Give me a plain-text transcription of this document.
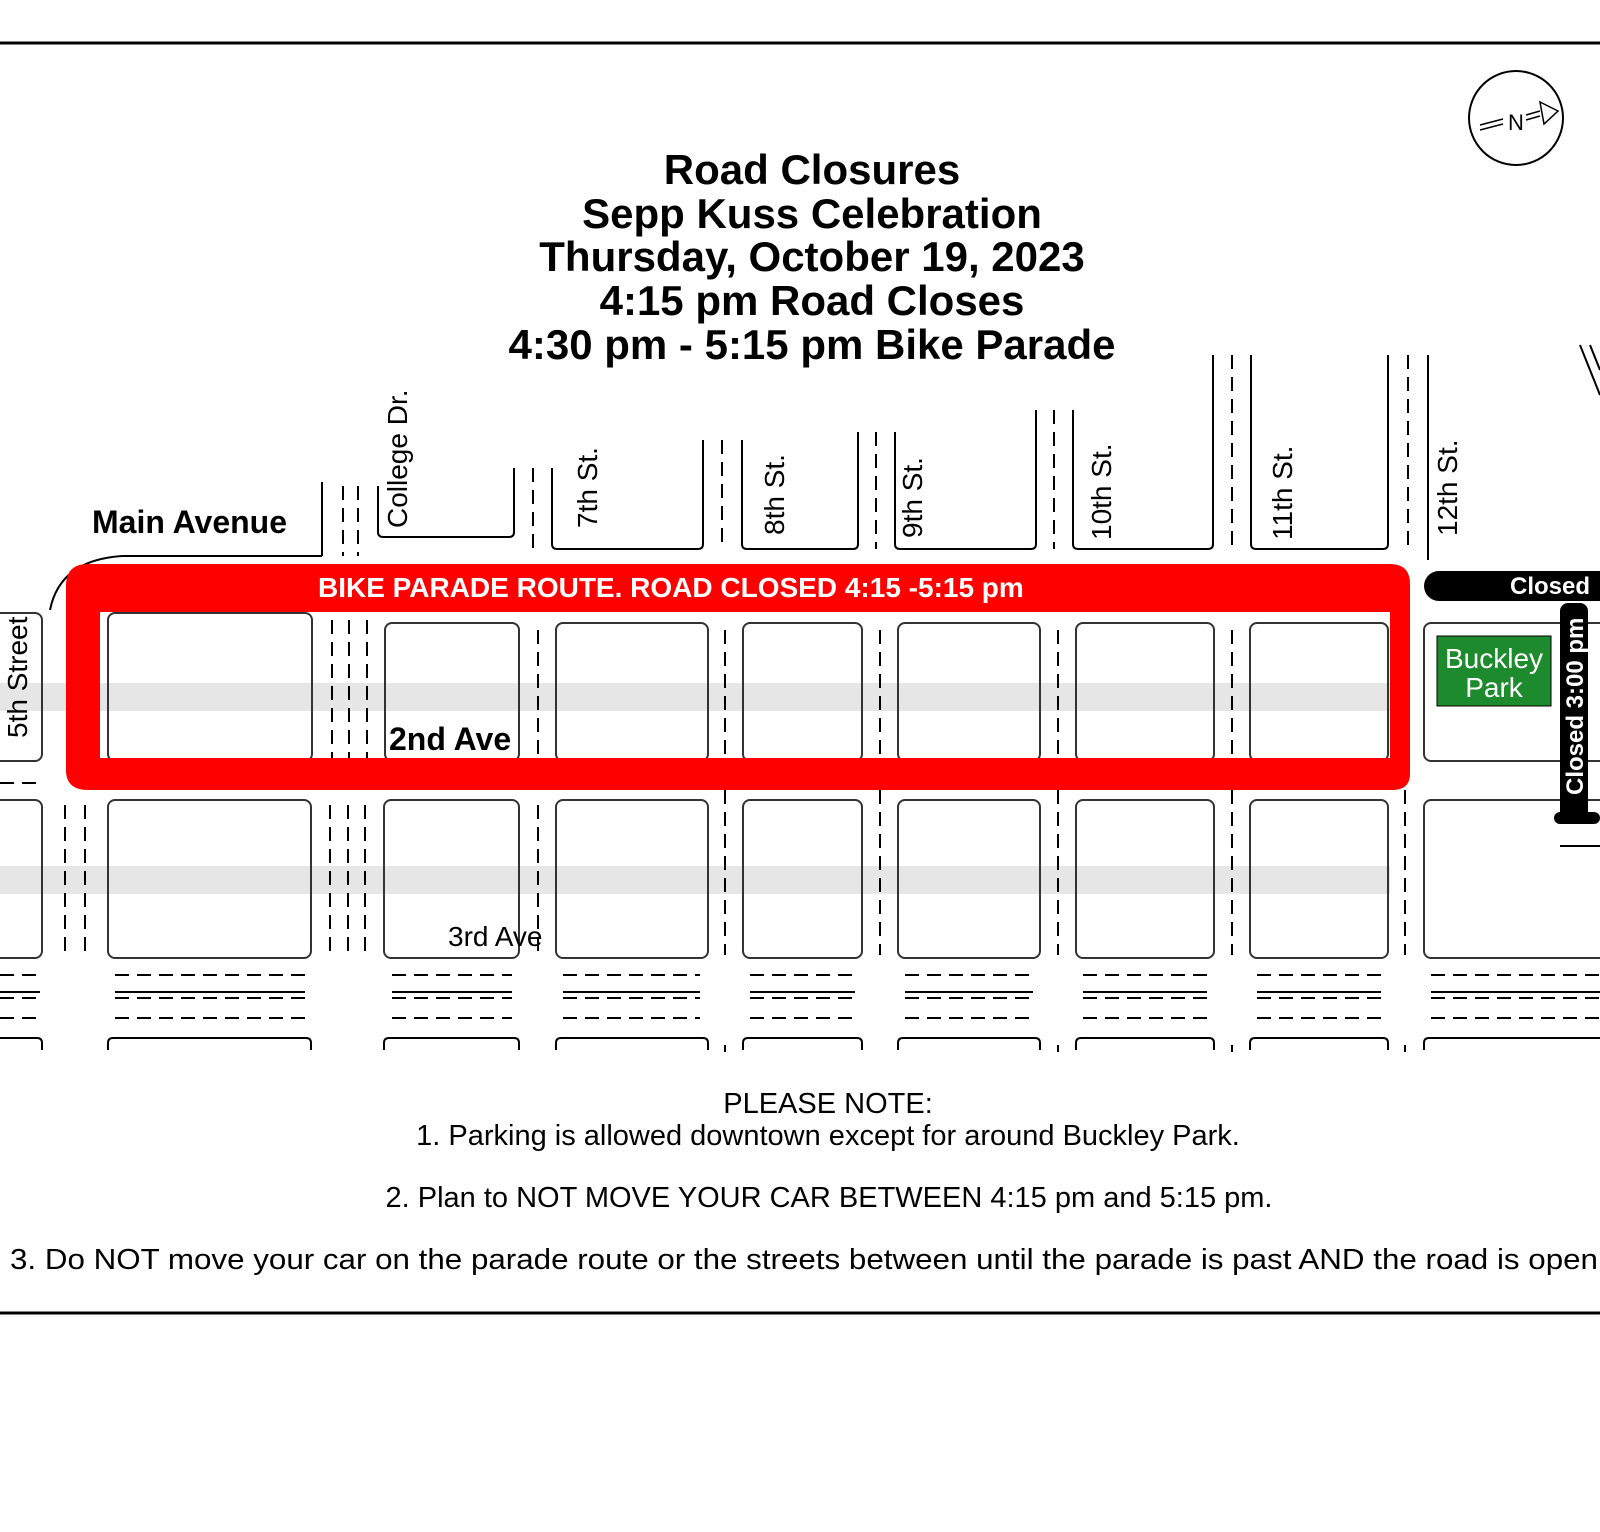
N
Road Closures
Sepp Kuss Celebration
Thursday, October 19, 2023
4:15 pm Road Closes
4:30 pm - 5:15 pm Bike Parade
BIKE PARADE ROUTE. ROAD CLOSED 4:15 -5:15 pm	Closed
Closed 3:00 pm
Buckley
Park
Main Avenue
5th Street
College Dr.	7th St.	8th St.	9th St.	10th St.	11th St.	12th St.
2nd Ave
3rd Ave
PLEASE NOTE:
1. Parking is allowed downtown except for around Buckley Park.
2. Plan to NOT MOVE YOUR CAR BETWEEN 4:15 pm and 5:15 pm.
3. Do NOT move your car on the parade route or the streets between until the parade is past AND the road is open
